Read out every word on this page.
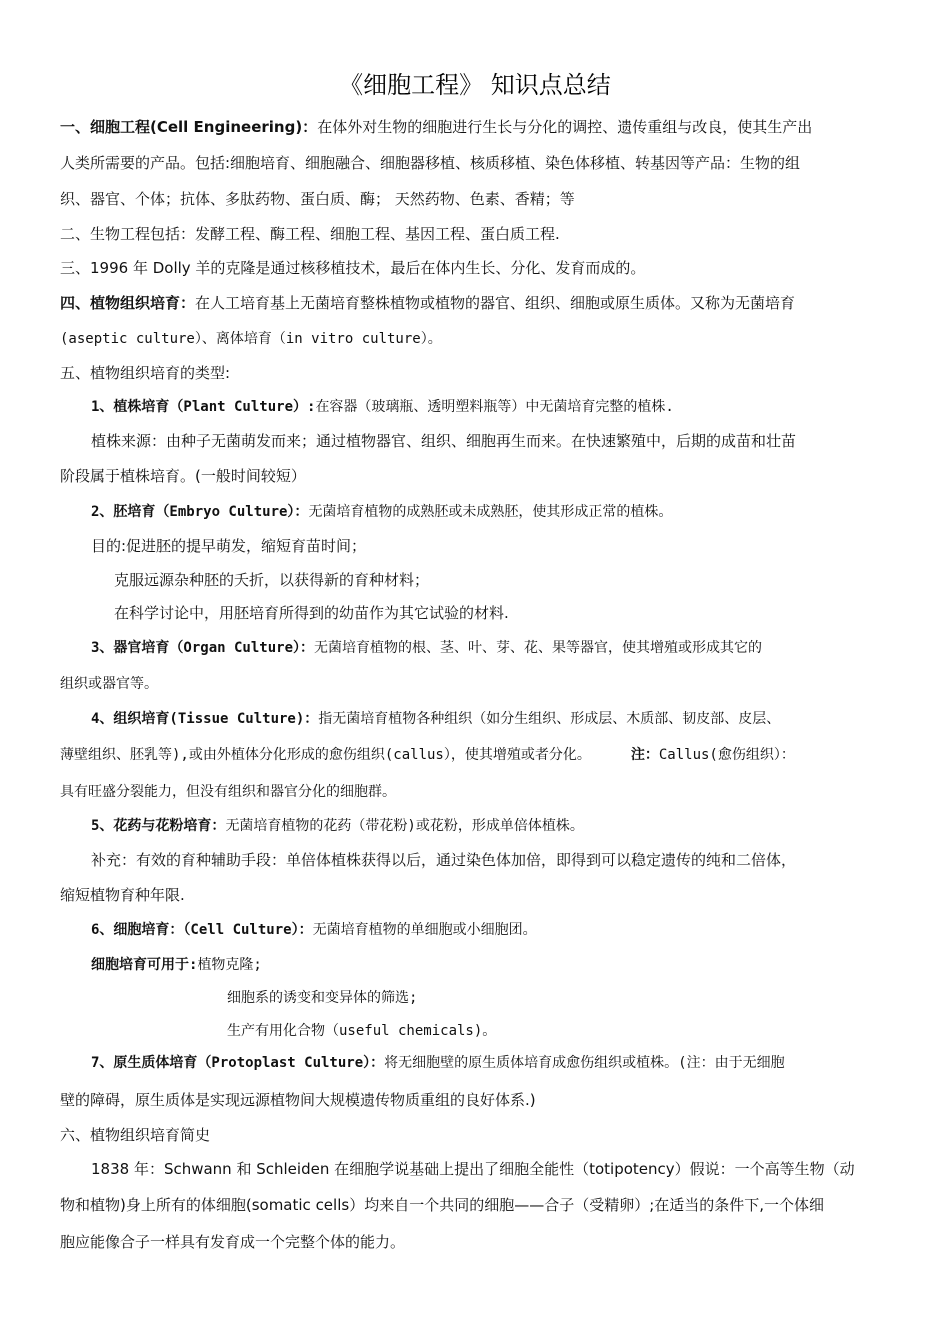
《细胞工程》 知识点总结
一、细胞工程(Cell Engineering)：在体外对生物的细胞进行生长与分化的调控、遗传重组与改良，使其生产出
人类所需要的产品。包括:细胞培育、细胞融合、细胞器移植、核质移植、染色体移植、转基因等产品：生物的组
织、器官、个体；抗体、多肽药物、蛋白质、酶； 天然药物、色素、香精；等
二、生物工程包括：发酵工程、酶工程、细胞工程、基因工程、蛋白质工程.
三、1996 年 Dolly 羊的克隆是通过核移植技术，最后在体内生长、分化、发育而成的。
四、植物组织培育：在人工培育基上无菌培育整株植物或植物的器官、组织、细胞或原生质体。又称为无菌培育
(aseptic culture）、离体培育（in vitro culture）。
五、植物组织培育的类型:
1、植株培育（Plant Culture）:在容器（玻璃瓶、透明塑料瓶等）中无菌培育完整的植株.
植株来源：由种子无菌萌发而来；通过植物器官、组织、细胞再生而来。在快速繁殖中，后期的成苗和壮苗
阶段属于植株培育。(一般时间较短）
2、胚培育（Embryo Culture）：无菌培育植物的成熟胚或未成熟胚，使其形成正常的植株。
目的:促进胚的提早萌发，缩短育苗时间；
克服远源杂种胚的夭折，以获得新的育种材料；
在科学讨论中，用胚培育所得到的幼苗作为其它试验的材料.
3、器官培育（Organ Culture）：无菌培育植物的根、茎、叶、芽、花、果等器官，使其增殖或形成其它的
组织或器官等。
4、组织培育(Tissue Culture)：指无菌培育植物各种组织（如分生组织、形成层、木质部、韧皮部、皮层、
薄壁组织、胚乳等),或由外植体分化形成的愈伤组织(callus），使其增殖或者分化。	注：Callus(愈伤组织）：
具有旺盛分裂能力，但没有组织和器官分化的细胞群。
5、花药与花粉培育：无菌培育植物的花药（带花粉)或花粉，形成单倍体植株。
补充：有效的育种辅助手段：单倍体植株获得以后，通过染色体加倍，即得到可以稳定遗传的纯和二倍体，
缩短植物育种年限.
6、细胞培育：（Cell Culture）：无菌培育植物的单细胞或小细胞团。
细胞培育可用于:植物克隆;
细胞系的诱变和变异体的筛选;
生产有用化合物（useful chemicals)。
7、原生质体培育（Protoplast Culture）：将无细胞壁的原生质体培育成愈伤组织或植株。(注：由于无细胞
壁的障碍，原生质体是实现远源植物间大规模遗传物质重组的良好体系.)
六、植物组织培育简史
1838 年：Schwann 和 Schleiden 在细胞学说基础上提出了细胞全能性（totipotency）假说：一个高等生物（动
物和植物)身上所有的体细胞(somatic cells）均来自一个共同的细胞——合子（受精卵）;在适当的条件下,一个体细
胞应能像合子一样具有发育成一个完整个体的能力。
